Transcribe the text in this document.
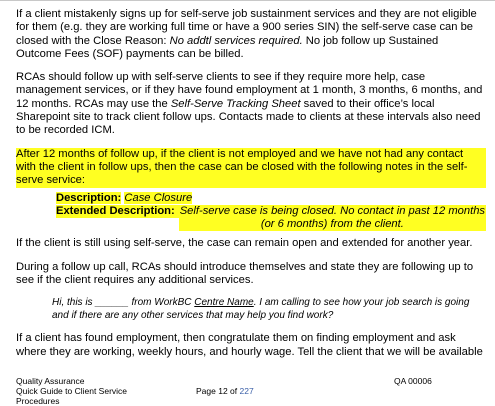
If a client mistakenly signs up for self-serve job sustainment services and they are not eligible for them (e.g. they are working full time or have a 900 series SIN) the self-serve case can be closed with the Close Reason: No addtl services required. No job follow up Sustained Outcome Fees (SOF) payments can be billed.

RCAs should follow up with self-serve clients to see if they require more help, case management services, or if they have found employment at 1 month, 3 months, 6 months, and 12 months. RCAs may use the Self-Serve Tracking Sheet saved to their office’s local Sharepoint site to track client follow ups. Contacts made to clients at these intervals also need to be recorded ICM.

After 12 months of follow up, if the client is not employed and we have not had any contact with the client in follow ups, then the case can be closed with the following notes in the self-serve service:
Description: Case Closure
Extended Description: Self-serve case is being closed. No contact in past 12 months (or 6 months) from the client.

If the client is still using self-serve, the case can remain open and extended for another year.

During a follow up call, RCAs should introduce themselves and state they are following up to see if the client requires any additional services.

Hi, this is ______ from WorkBC Centre Name. I am calling to see how your job search is going and if there are any other services that may help you find work?

If a client has found employment, then congratulate them on finding employment and ask where they are working, weekly hours, and hourly wage. Tell the client that we will be available

Quality Assurance	QA 00006
Quick Guide to Client Service Procedures
Page 12 of 227
